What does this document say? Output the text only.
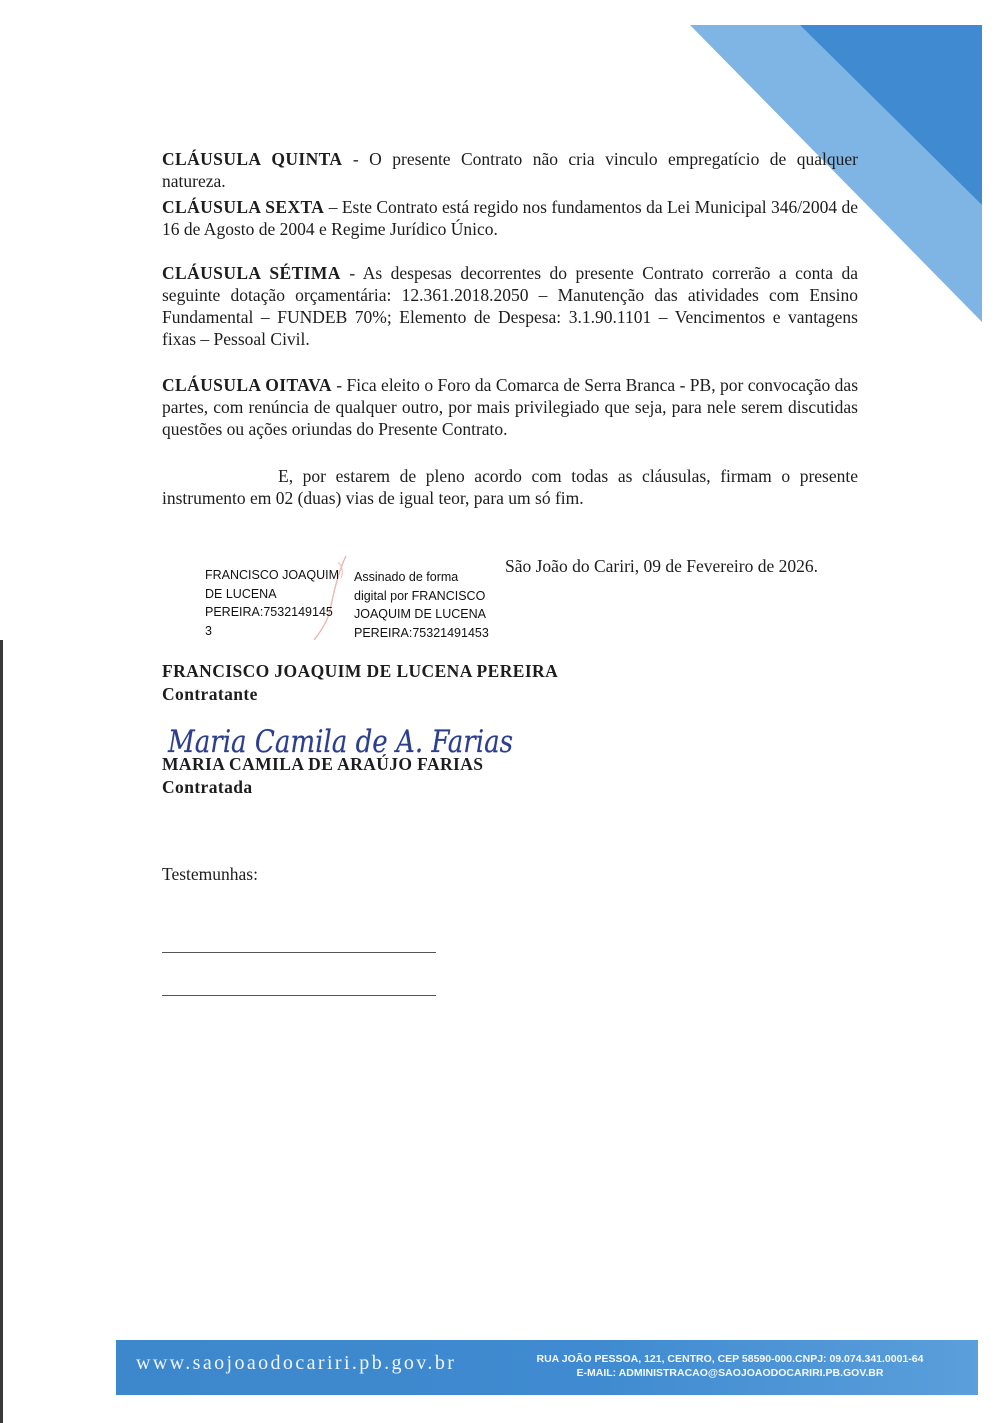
CLÁUSULA QUINTA - O presente Contrato não cria vinculo empregatício de qualquer natureza.

CLÁUSULA SEXTA – Este Contrato está regido nos fundamentos da Lei Municipal 346/2004 de 16 de Agosto de 2004 e Regime Jurídico Único.

CLÁUSULA SÉTIMA - As despesas decorrentes do presente Contrato correrão a conta da seguinte dotação orçamentária: 12.361.2018.2050 – Manutenção das atividades com Ensino Fundamental – FUNDEB 70%; Elemento de Despesa: 3.1.90.1101 – Vencimentos e vantagens fixas – Pessoal Civil.

CLÁUSULA OITAVA - Fica eleito o Foro da Comarca de Serra Branca - PB, por convocação das partes, com renúncia de qualquer outro, por mais privilegiado que seja, para nele serem discutidas questões ou ações oriundas do Presente Contrato.

E, por estarem de pleno acordo com todas as cláusulas, firmam o presente instrumento em 02 (duas) vias de igual teor, para um só fim.

São João do Cariri, 09 de Fevereiro de 2026.
FRANCISCO JOAQUIM
DE LUCENA
PEREIRA:7532149145
3
Assinado de forma
digital por FRANCISCO
JOAQUIM DE LUCENA
PEREIRA:75321491453
FRANCISCO JOAQUIM DE LUCENA PEREIRA
Contratante
Maria Camila de A. Farias
MARIA CAMILA DE ARAÚJO FARIAS
Contratada
Testemunhas:
www.saojoaodocariri.pb.gov.br	RUA JOÃO PESSOA, 121, CENTRO, CEP 58590-000.CNPJ: 09.074.341.0001-64
E-MAIL: ADMINISTRACAO@SAOJOAODOCARIRI.PB.GOV.BR
